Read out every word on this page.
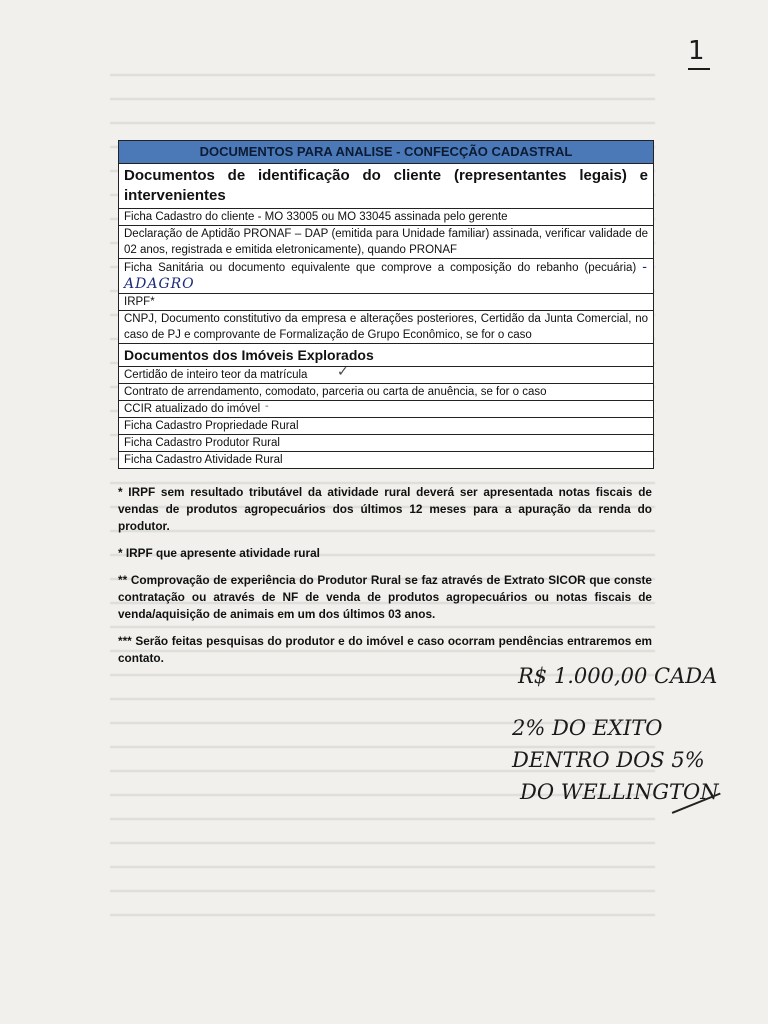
1
DOCUMENTOS PARA ANALISE - CONFECÇÃO CADASTRAL
Documentos de identificação do cliente (representantes legais) e intervenientes
Ficha Cadastro do cliente - MO 33005 ou MO 33045 assinada pelo gerente
Declaração de Aptidão PRONAF – DAP (emitida para Unidade familiar) assinada, verificar validade de 02 anos, registrada e emitida eletronicamente), quando PRONAF
Ficha Sanitária ou documento equivalente que comprove a composição do rebanho (pecuária) - ADAGRO
IRPF*
CNPJ, Documento constitutivo da empresa e alterações posteriores, Certidão da Junta Comercial, no caso de PJ e comprovante de Formalização de Grupo Econômico, se for o caso
Documentos dos Imóveis Explorados
Certidão de inteiro teor da matrícula ✓
Contrato de arrendamento, comodato, parceria ou carta de anuência, se for o caso
CCIR atualizado do imóvel -
Ficha Cadastro Propriedade Rural
Ficha Cadastro Produtor Rural
Ficha Cadastro Atividade Rural

* IRPF sem resultado tributável da atividade rural deverá ser apresentada notas fiscais de vendas de produtos agropecuários dos últimos 12 meses para a apuração da renda do produtor.

* IRPF que apresente atividade rural

** Comprovação de experiência do Produtor Rural se faz através de Extrato SICOR que conste contratação ou através de NF de venda de produtos agropecuários ou notas fiscais de venda/aquisição de animais em um dos últimos 03 anos.

*** Serão feitas pesquisas do produtor e do imóvel e caso ocorram pendências entraremos em contato.

R$ 1.000,00 CADA
2% DO EXITO
DENTRO DOS 5%
DO WELLINGTON
